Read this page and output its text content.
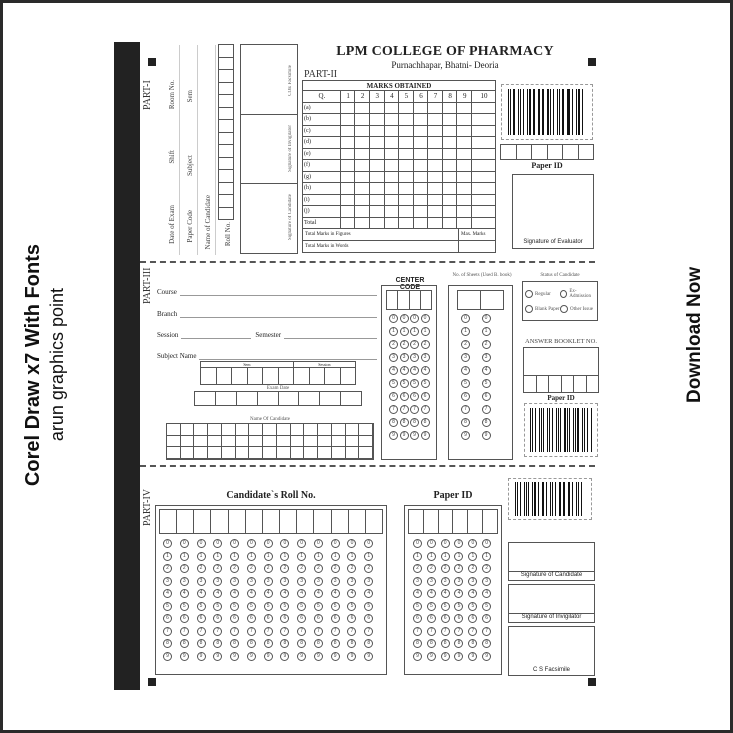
Corel Draw x7 With Fonts arun graphics point	Download Now
PART-I
Date of Exam
Shift
Room No.
Paper Code
Subject
Sem
Name of Candidate Roll No.
COE Facsimile
Signature of Invigilator
Signature of Candidate
LPM COLLEGE OF PHARMACY
Purnachhapar, Bhatni- Deoria
PART-II
MARKS OBTAINED
Q.	1	2	3	4	5	6	7	8	9	10
(a)										
(b)										
(c)										
(d)										
(e)										
(f)										
(g)										
(h)										
(i)										
(j)										
Total										
Total Marks in Figures	Max. Marks
Total Marks in Words
Paper ID
Signature of Evaluator
PART-III Course
Branch
Session	Semester
Subject Name
Sem	Session
Exam Date
Name Of Candidate
CENTER CODE
0	0	0	0
1	1	1	1
2	2	2	2
3	3	3	3
4	4	4	4
5	5	5	5
6	6	6	6
7	7	7	7
8	8	8	8
9	9	9	9
No. of Sheets (Used B. book)
0	0
1	1
2	2
3	3
4	4
5	5
6	6
7	7
8	8
9	9
Status of Candidate
Regular	Ex-Admission
Blank Paper Other Issue
ANSWER BOOKLET NO.
Paper ID
PART-IV	Candidate`s Roll No.
0	0	0	0	0	0	0	0	0	0	0	0	0
1	1	1	1	1	1	1	1	1	1	1	1	1
2	2	2	2	2	2	2	2	2	2	2	2	2
3	3	3	3	3	3	3	3	3	3	3	3	3
4	4	4	4	4	4	4	4	4	4	4	4	4
5	5	5	5	5	5	5	5	5	5	5	5	5
6	6	6	6	6	6	6	6	6	6	6	6	6
7	7	7	7	7	7	7	7	7	7	7	7	7
8	8	8	8	8	8	8	8	8	8	8	8	8
9	9	9	9	9	9	9	9	9	9	9	9	9
Paper ID
0	0	0	0	0	0
1	1	1	1	1	1
2	2	2	2	2	2
3	3	3	3	3	3
4	4	4	4	4	4
5	5	5	5	5	5
6	6	6	6	6	6
7	7	7	7	7	7
8	8	8	8	8	8
9	9	9	9	9	9
Signature of Candidate
Signature of Invigilator
C S Facsimile
